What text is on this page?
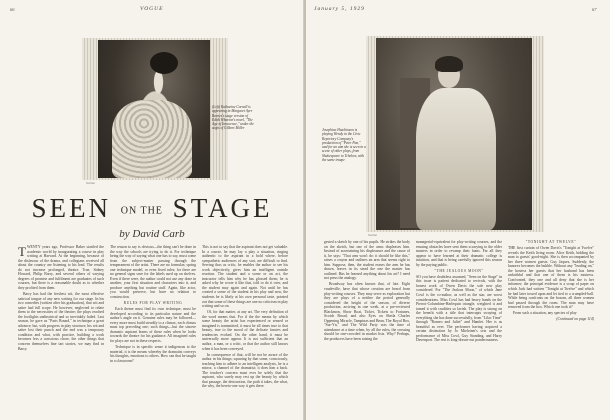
66	VOGUE
Steichen
(Left) Katharine Cornell is appearing in Margaret Ayer Barnes's stage version of Edith Wharton's novel, "The Age of Innocence," under the aegis of Gilbert Miller
SEEN ON THE STAGE
by David Carb

TWENTY years ago, Professor Baker startled the academic world by inaugurating a course in play writing at Harvard. At the beginning, because of the disfavour of the drama, and collegians received all about the country are listening to his lead. The results do not increase prolonged, theatre. True, Sidney Howard, Philip Barry, and several others of varying degrees of promise and fulfilment are graduates of such courses, but there is a reasonable doubt as to whether they profited from them.

Barry has had the freshest wit, the most effective satirical tongue of any new writing for our stage. In his two comedies (written after his graduation), that wit and satire had full scope. He however, neglected to relate them to the necessities of the theatre; the plays reached the footlights untheatrical and so inevitably failed. Last season, he gave us "Paris Bound," in technique a great advance; but, with progress in play structure, his wit and satire lost their punch and the end was a temporary condition and what, with practice, building a work becomes less a conscious chore, the other things that concern themselves fine tart stories, we may find in Barry.

The reason to say is obvious—the thing can't be done in the way the schools are trying to do it. For technique being the way of saying what one has to say, must come from the subject-matter passing through the temperament of the artist. There are no formulas; spring one technique model, or even fixed rules; for there are no general signs save for the labels used up on shelves. Even if there were, the author could not use any done in another, your first situation and characters into it, and produce anything but routine stuff. Again, like actor, you would preserve, but have no relation to construction.

RULES FOR PLAY WRITING

Each theme must find its own technique, must be developed according to its particular nature and the author's angle on it. Genuine rules may be followed—every more must build steadily to a climax, each climax must top preceding one; such things—but the sincere dramatic aspirant learns of these rules when he looks towards the theatre for his guidance. All imagined rules for plays are not in these respects.

Technique is in specific sense it indigenous to the material, it is the means whereby the dramatist conveys his thoughts, emotions to others. How can that be taught in a classroom?

This is not to say that the aspirant does not get valuable. In a course, he may lay a play a situation, ringing authentic to the aspirant in a bold where, before sympathetic audiences of any sort, are difficult to find. Serving thus as critic, he enables the author to see his work objectively, gives him an intelligent outside reaction. The student and a scene or an act, the instructor tells him why he has glossed them; he is asked why he wrote it like that, told to do it over, and the student may again and again. Not until he has created a scene of the student in his play and now, the students he is likely at his own personal taste, pointed out that some of these things are one no criticism in play writing and so on.

Of, for that matter, at any art. The very definition of the word means that. For if the the means by which some beauty the artist has experienced or sensed or imagined is transmitted, it must be all times true to that beauty, true to the mood of the delicate fancies and tendencies evoked. On the other hand, it must be universally more appear. It is not sufficient that an author, a man, or a critic, or that the author still knows when it has been conveyed.

In consequence of that, will be not be aware of the author in his things; squaring by that some, consciously, teaching him to adhere to an intelligent analysis, he is a mirror, a channel of the dramatist; it does him a back. The teacher's concern must ever be solely that the aspirant, who surely may rest up the beauty by which that passage, the destruction, the path it takes, the what, the why, the hereto-one way it gets there.

January 5, 1929	67
Steichen
Josephine Hutchinson is playing Wendy in the Civic Repertory Company's production of "Peter Pan," and for an aim she is seen in a scene of other plays, from Shakespeare to Tchekov, with the same troupe

gested a sketch by one of his pupils. He strikes the body on the sketch, but one of the arms displeases him. Instead of ascertaining his displeasure and the cause of it, he says: "That arm won't do: it should be like this," raises a crayon and outlines an arm that seems right to him. Suppose, then, the student erases the arm he has drawn, leaves in its stead the one the master has outlined. Has he learned anything about his art? I need not press the analogy.

Broadway has often known that, of late. Eight vaudeville, have that whose creation are heard from play-writing courses. They may serve as exploration but they are plays of a neither the period generally considered the height of the season, of diverse production, arriving in one week, at a pre-reviewed Blackmon, Show Boat, Ticket, Tickets to Fortunes, Scotch Broad, and also Eyes on Sheila Charles Oppening Miracle, Tampinas and Bean, The Royal Box, "Sur-Yn," and The Wild Party was the time of attendance at a time when, by all the rules, the crossing should be one-crowded in market lists. Why? Perhaps, the producers have been raising the

managerial-equivalent for play-writing courses, and the ensuing obstacles have sent them scurrying to the older masters in order to revamp their loans. Far all they appear to have learned at their dramatic college is intuition, and that is being carefully ignored this season by the paying public.

"THE JEALOUS MOON"

SO you have doubtless assumed, "Seen on the Stage" in this issue is patient dedicated to revivals, with the honest work of Owen Davis the sole new play considered. For "The Jealous Moon," of which Jane Cowl is the co-author, as well as the star, are worst considerations. Miss Cowl has had heavy hands on the Pierrot-Columbine-Harlequin triangle, weighted it and tamed it with crudities so lavish. The play is strong on the benefit with a title that interrupts swaying of everything she has done successfully, from "Lilac Time" through "Romeo and Juliet" and Hamlet. Her is as beautiful as ever. The performer having acquired a certain distinction by Jo Mielziner's sets and the performance of Miss Cowl, Guy Standing, and Harry Davenport. The rest is long-drawn-out ponderousness.

"TONIGHT AT TWELVE"

THE first curtain of Owen Davis's "Tonight at Twelve" reveals the Keith living room. Alice Keith, bidding the man to guests' good-night. She is then accompanied by her three women guests. Guy Jaques, Suddenly, the hanorex becomes the bubble. Without any "leading on," the hostess her guests that her husband has been unfaithful and that one of them is his mistress. Confronted, they one and all deny that she is her informer; the principal evidence is a scrap of paper on which Jack had written "Tonight at Twelve" and which he had later tossed upon and let tied to a crumpled-ball. While being confronts on the bosom, all three women had passed through the room. The man may have removed from the box. Which one took it?

From such a situation, any species of play

(Continued on page 114)
